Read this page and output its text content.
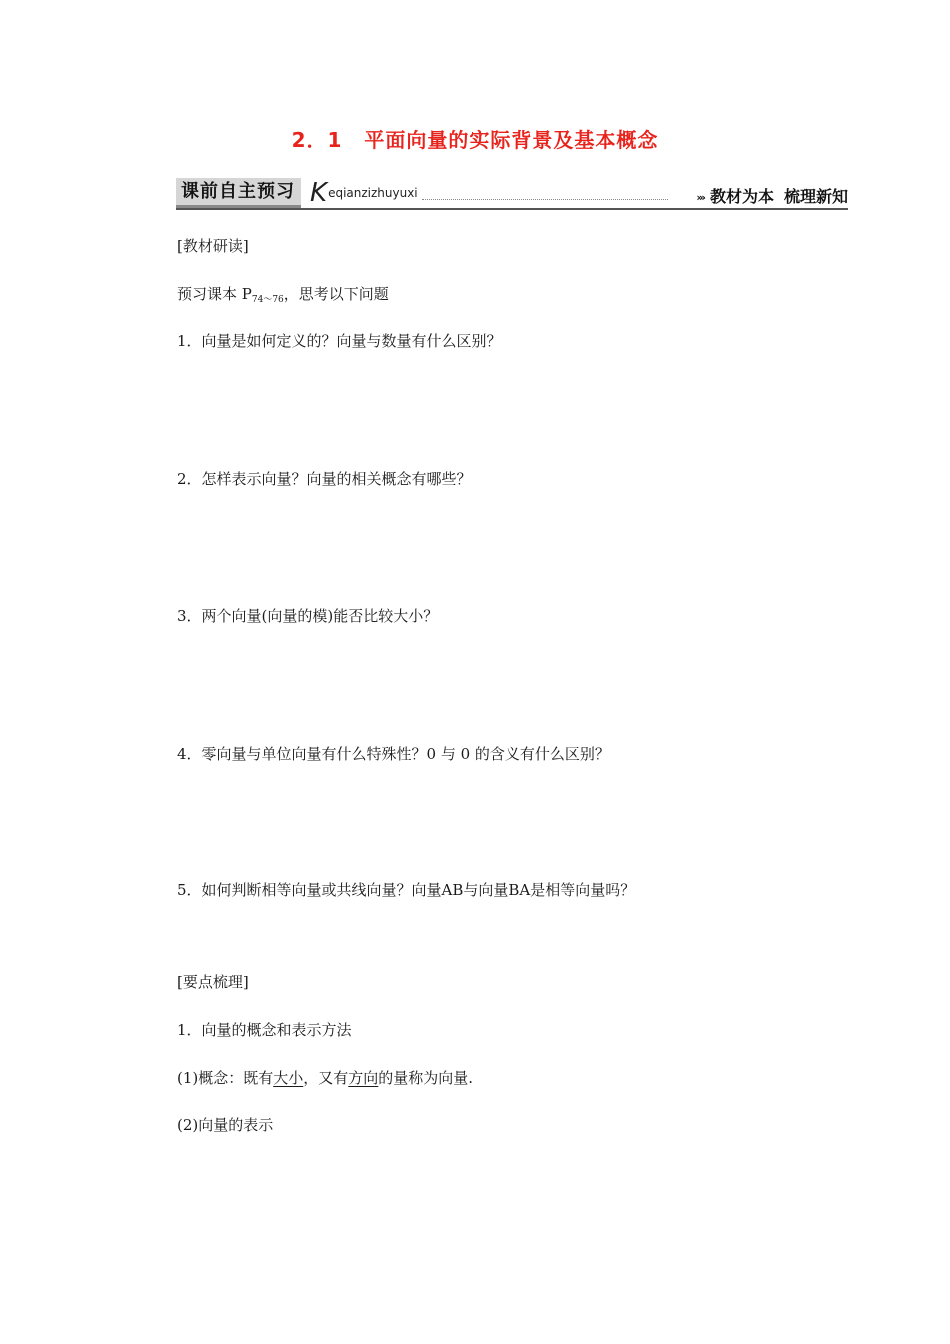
2．1 平面向量的实际背景及基本概念
课前自主预习 Keqianzizhuyuxi	››› 教材为本 梳理新知
[教材研读]
预习课本 $P_{74\sim 76}$，思考以下问题
1．向量是如何定义的？向量与数量有什么区别？
2．怎样表示向量？向量的相关概念有哪些？
3．两个向量(向量的模)能否比较大小？
4．零向量与单位向量有什么特殊性？0 与 0 的含义有什么区别？
5．如何判断相等向量或共线向量？向量AB与向量BA是相等向量吗？
[要点梳理]
1．向量的概念和表示方法
(1)概念：既有大小，又有方向的量称为向量.
(2)向量的表示
